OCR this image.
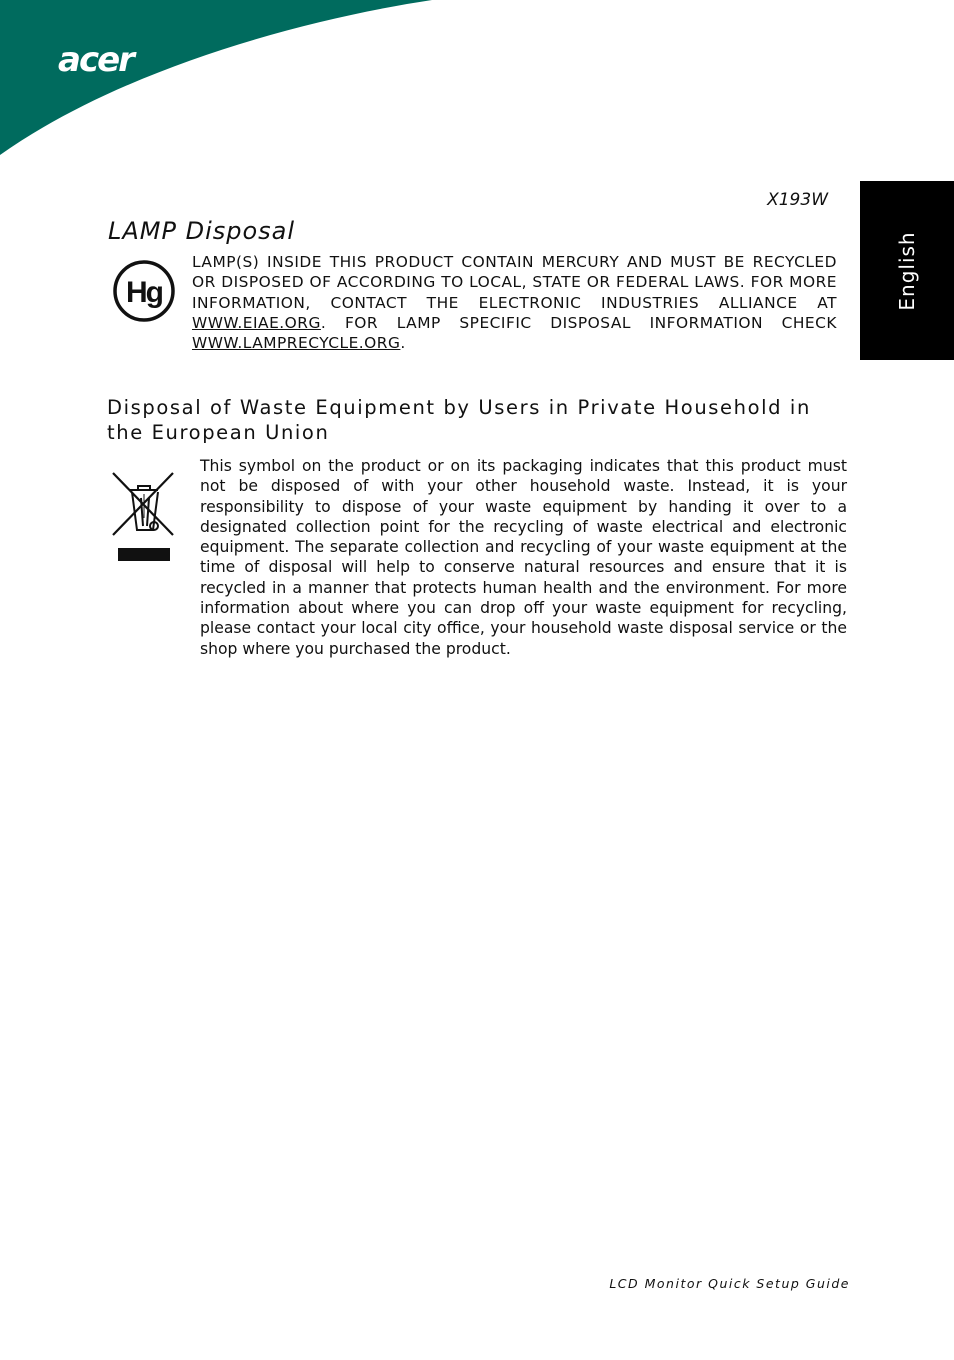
acer
English
X193W
LAMP Disposal
Hg

LAMP(S) INSIDE THIS PRODUCT CONTAIN MERCURY AND MUST BE RECYCLED OR DISPOSED OF ACCORDING TO LOCAL, STATE OR FEDERAL LAWS. FOR MORE INFORMATION, CONTACT THE ELECTRONIC INDUSTRIES ALLIANCE AT WWW.EIAE.ORG. FOR LAMP SPECIFIC DISPOSAL INFORMATION CHECK WWW.LAMPRECYCLE.ORG.

Disposal of Waste Equipment by Users in Private Household in the European Union

This symbol on the product or on its packaging indicates that this product must not be disposed of with your other household waste. Instead, it is your responsibility to dispose of your waste equipment by handing it over to a designated collection point for the recycling of waste electrical and electronic equipment. The separate collection and recycling of your waste equipment at the time of disposal will help to conserve natural resources and ensure that it is recycled in a manner that protects human health and the environment. For more information about where you can drop off your waste equipment for recycling, please contact your local city office, your household waste disposal service or the shop where you purchased the product.

LCD Monitor Quick Setup Guide
